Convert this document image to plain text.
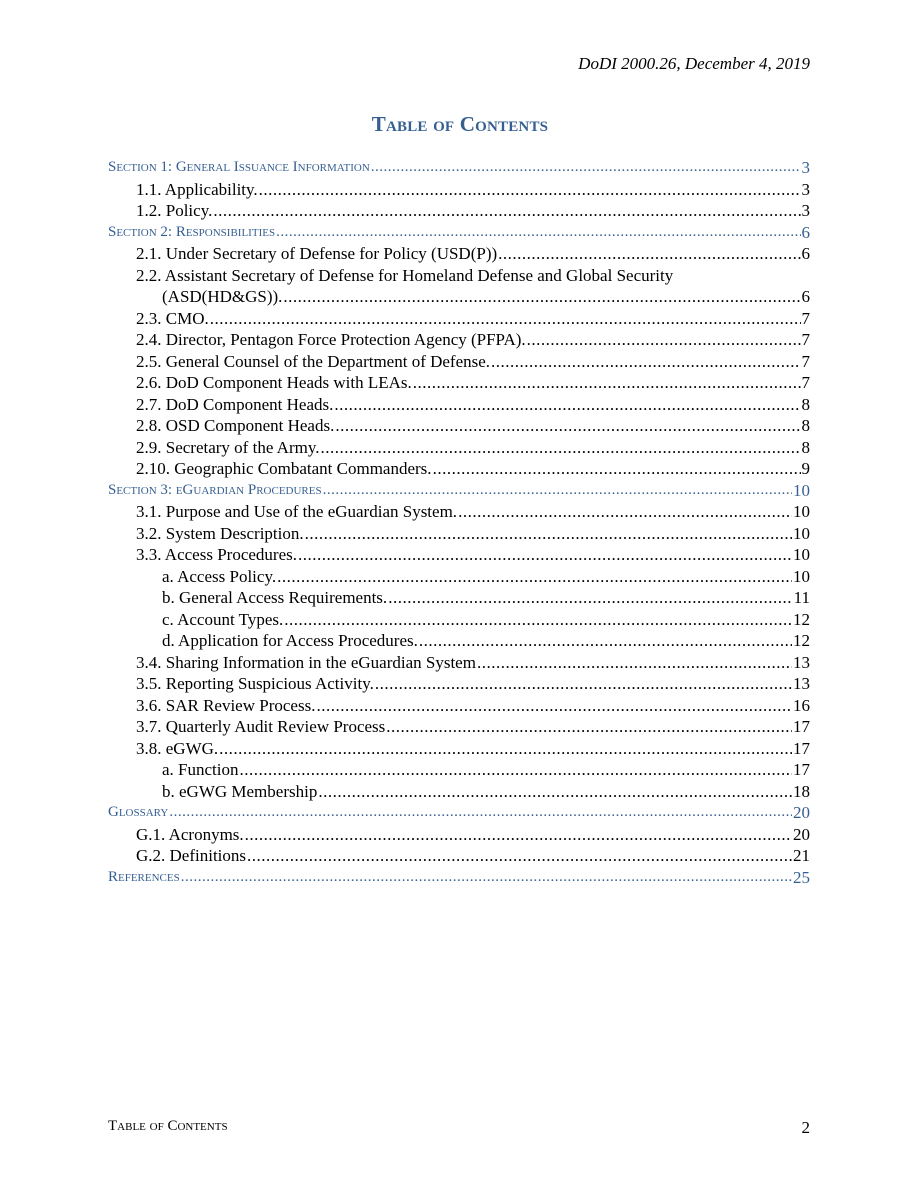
DoDI 2000.26, December 4, 2019
Table of Contents
Section 1: General Issuance Information .....	3
1.1. Applicability. .....	3
1.2. Policy. .....	3
Section 2: Responsibilities .....	6
2.1. Under Secretary of Defense for Policy (USD(P)) .....	6
2.2. Assistant Secretary of Defense for Homeland Defense and Global Security
(ASD(HD&GS)). .....	6
2.3. CMO. .....	7
2.4. Director, Pentagon Force Protection Agency (PFPA). .....	7
2.5. General Counsel of the Department of Defense. .....	7
2.6. DoD Component Heads with LEAs. .....	7
2.7. DoD Component Heads. .....	8
2.8. OSD Component Heads. .....	8
2.9. Secretary of the Army. .....	8
2.10. Geographic Combatant Commanders. .....	9
Section 3: eGuardian Procedures .....	10
3.1. Purpose and Use of the eGuardian System. .....	10
3.2. System Description. .....	10
3.3. Access Procedures. .....	10
a. Access Policy. .....	10
b. General Access Requirements. .....	11
c. Account Types. .....	12
d. Application for Access Procedures. .....	12
3.4. Sharing Information in the eGuardian System .....	13
3.5. Reporting Suspicious Activity. .....	13
3.6. SAR Review Process. .....	16
3.7. Quarterly Audit Review Process .....	17
3.8. eGWG. .....	17
a. Function .....	17
b. eGWG Membership .....	18
Glossary .....	20
G.1. Acronyms. .....	20
G.2. Definitions .....	21
References .....	25
Table of Contents	2
